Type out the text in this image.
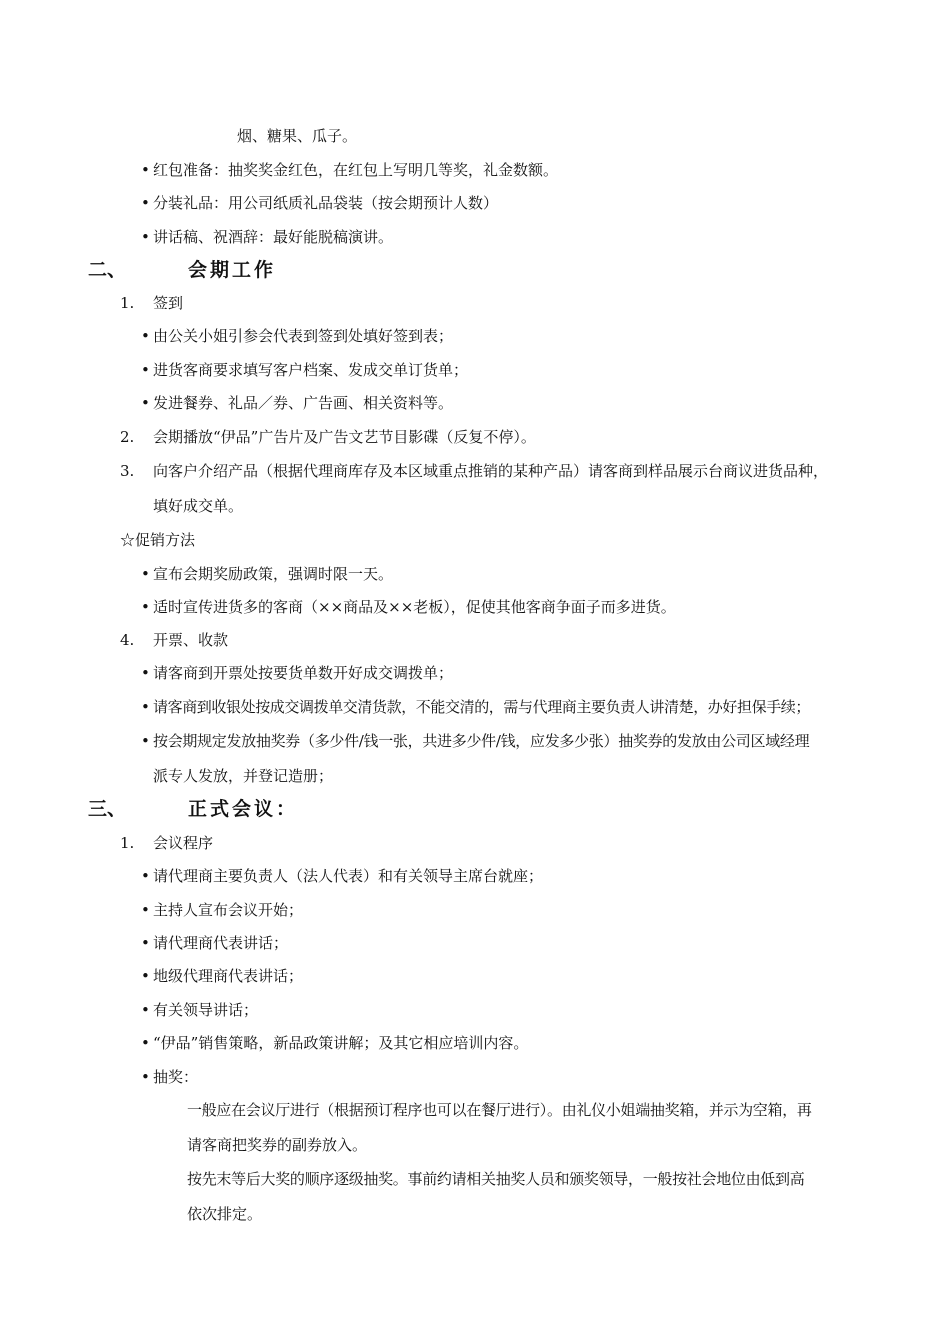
烟、糖果、瓜子。
• 红包准备：抽奖奖金红色，在红包上写明几等奖，礼金数额。
• 分装礼品：用公司纸质礼品袋装（按会期预计人数）
• 讲话稿、祝酒辞：最好能脱稿演讲。
二、	会期工作
1. 签到
• 由公关小姐引参会代表到签到处填好签到表；
• 进货客商要求填写客户档案、发成交单订货单；
• 发进餐券、礼品／券、广告画、相关资料等。
2. 会期播放“伊品”广告片及广告文艺节目影碟（反复不停）。
3. 向客户介绍产品（根据代理商库存及本区域重点推销的某种产品）请客商到样品展示台商议进货品种，
填好成交单。
☆促销方法
• 宣布会期奖励政策，强调时限一天。
• 适时宣传进货多的客商（××商品及××老板），促使其他客商争面子而多进货。
4. 开票、收款
• 请客商到开票处按要货单数开好成交调拨单；
• 请客商到收银处按成交调拨单交清货款，不能交清的，需与代理商主要负责人讲清楚，办好担保手续；
• 按会期规定发放抽奖券（多少件/钱一张，共进多少件/钱，应发多少张）抽奖券的发放由公司区域经理
派专人发放，并登记造册；
三、	正式会议：
1. 会议程序
• 请代理商主要负责人（法人代表）和有关领导主席台就座；
• 主持人宣布会议开始；
• 请代理商代表讲话；
• 地级代理商代表讲话；
• 有关领导讲话；
• “伊品”销售策略，新品政策讲解；及其它相应培训内容。
• 抽奖：
一般应在会议厅进行（根据预订程序也可以在餐厅进行）。由礼仪小姐端抽奖箱，并示为空箱，再
请客商把奖券的副券放入。
按先末等后大奖的顺序逐级抽奖。事前约请相关抽奖人员和颁奖领导，一般按社会地位由低到高
依次排定。
